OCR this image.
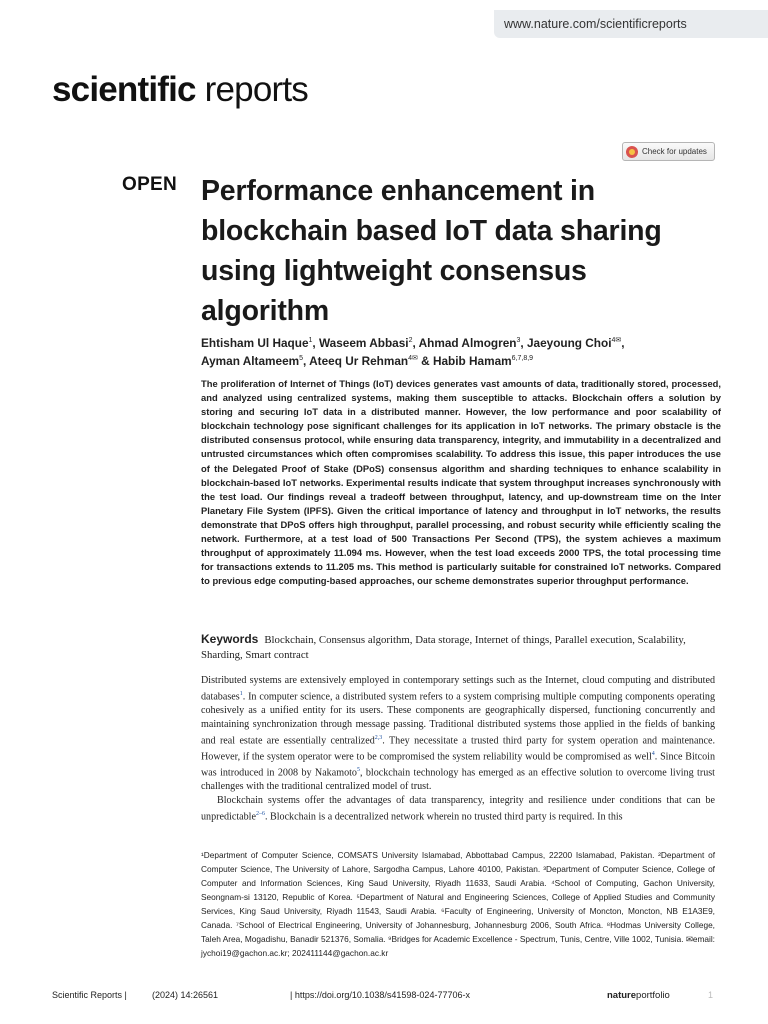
www.nature.com/scientificreports
scientific reports
Check for updates
OPEN Performance enhancement in blockchain based IoT data sharing using lightweight consensus algorithm
Ehtisham Ul Haque$^1$, Waseem Abbasi$^2$, Ahmad Almogren$^3$, Jaeyoung Choi$^{4✉}$,
Ayman Altameem$^5$, Ateeq Ur Rehman$^{4✉}$ & Habib Hamam$^{6,7,8,9}$
The proliferation of Internet of Things (IoT) devices generates vast amounts of data, traditionally stored, processed, and analyzed using centralized systems, making them susceptible to attacks. Blockchain offers a solution by storing and securing IoT data in a distributed manner. However, the low performance and poor scalability of blockchain technology pose significant challenges for its application in IoT networks. The primary obstacle is the distributed consensus protocol, while ensuring data transparency, integrity, and immutability in a decentralized and untrusted circumstances which often compromises scalability. To address this issue, this paper introduces the use of the Delegated Proof of Stake (DPoS) consensus algorithm and sharding techniques to enhance scalability in blockchain-based IoT networks. Experimental results indicate that system throughput increases synchronously with the test load. Our findings reveal a tradeoff between throughput, latency, and up-downstream time on the Inter Planetary File System (IPFS). Given the critical importance of latency and throughput in IoT networks, the results demonstrate that DPoS offers high throughput, parallel processing, and robust security while efficiently scaling the network. Furthermore, at a test load of 500 Transactions Per Second (TPS), the system achieves a maximum throughput of approximately 11.094 ms. However, when the test load exceeds 2000 TPS, the total processing time for transactions extends to 11.205 ms. This method is particularly suitable for constrained IoT networks. Compared to previous edge computing-based approaches, our scheme demonstrates superior throughput performance.
Keywords Blockchain, Consensus algorithm, Data storage, Internet of things, Parallel execution, Scalability, Sharding, Smart contract

Distributed systems are extensively employed in contemporary settings such as the Internet, cloud computing and distributed databases$^1$. In computer science, a distributed system refers to a system comprising multiple computing components operating cohesively as a unified entity for its users. These components are geographically dispersed, functioning concurrently and maintaining synchronization through message passing. Traditional distributed systems those applied in the fields of banking and real estate are essentially centralized$^{2,3}$. They necessitate a trusted third party for system operation and maintenance. However, if the system operator were to be compromised the system reliability would be compromised as well$^4$. Since Bitcoin was introduced in 2008 by Nakamoto$^5$, blockchain technology has emerged as an effective solution to overcome living trust challenges with the traditional centralized model of trust.

Blockchain systems offer the advantages of data transparency, integrity and resilience under conditions that can be unpredictable$^{2-6}$. Blockchain is a decentralized network wherein no trusted third party is required. In this

¹Department of Computer Science, COMSATS University Islamabad, Abbottabad Campus, 22200 Islamabad, Pakistan. ²Department of Computer Science, The University of Lahore, Sargodha Campus, Lahore 40100, Pakistan. ³Department of Computer Science, College of Computer and Information Sciences, King Saud University, Riyadh 11633, Saudi Arabia. ⁴School of Computing, Gachon University, Seongnam-si 13120, Republic of Korea. ⁵Department of Natural and Engineering Sciences, College of Applied Studies and Community Services, King Saud University, Riyadh 11543, Saudi Arabia. ⁶Faculty of Engineering, University of Moncton, Moncton, NB E1A3E9, Canada. ⁷School of Electrical Engineering, University of Johannesburg, Johannesburg 2006, South Africa. ⁸Hodmas University College, Taleh Area, Mogadishu, Banadir 521376, Somalia. ⁹Bridges for Academic Excellence - Spectrum, Tunis, Centre, Ville 1002, Tunisia. ✉email: jychoi19@gachon.ac.kr; 202411144@gachon.ac.kr
Scientific Reports |	(2024) 14:26561	| https://doi.org/10.1038/s41598-024-77706-x	natureportfolio	1
